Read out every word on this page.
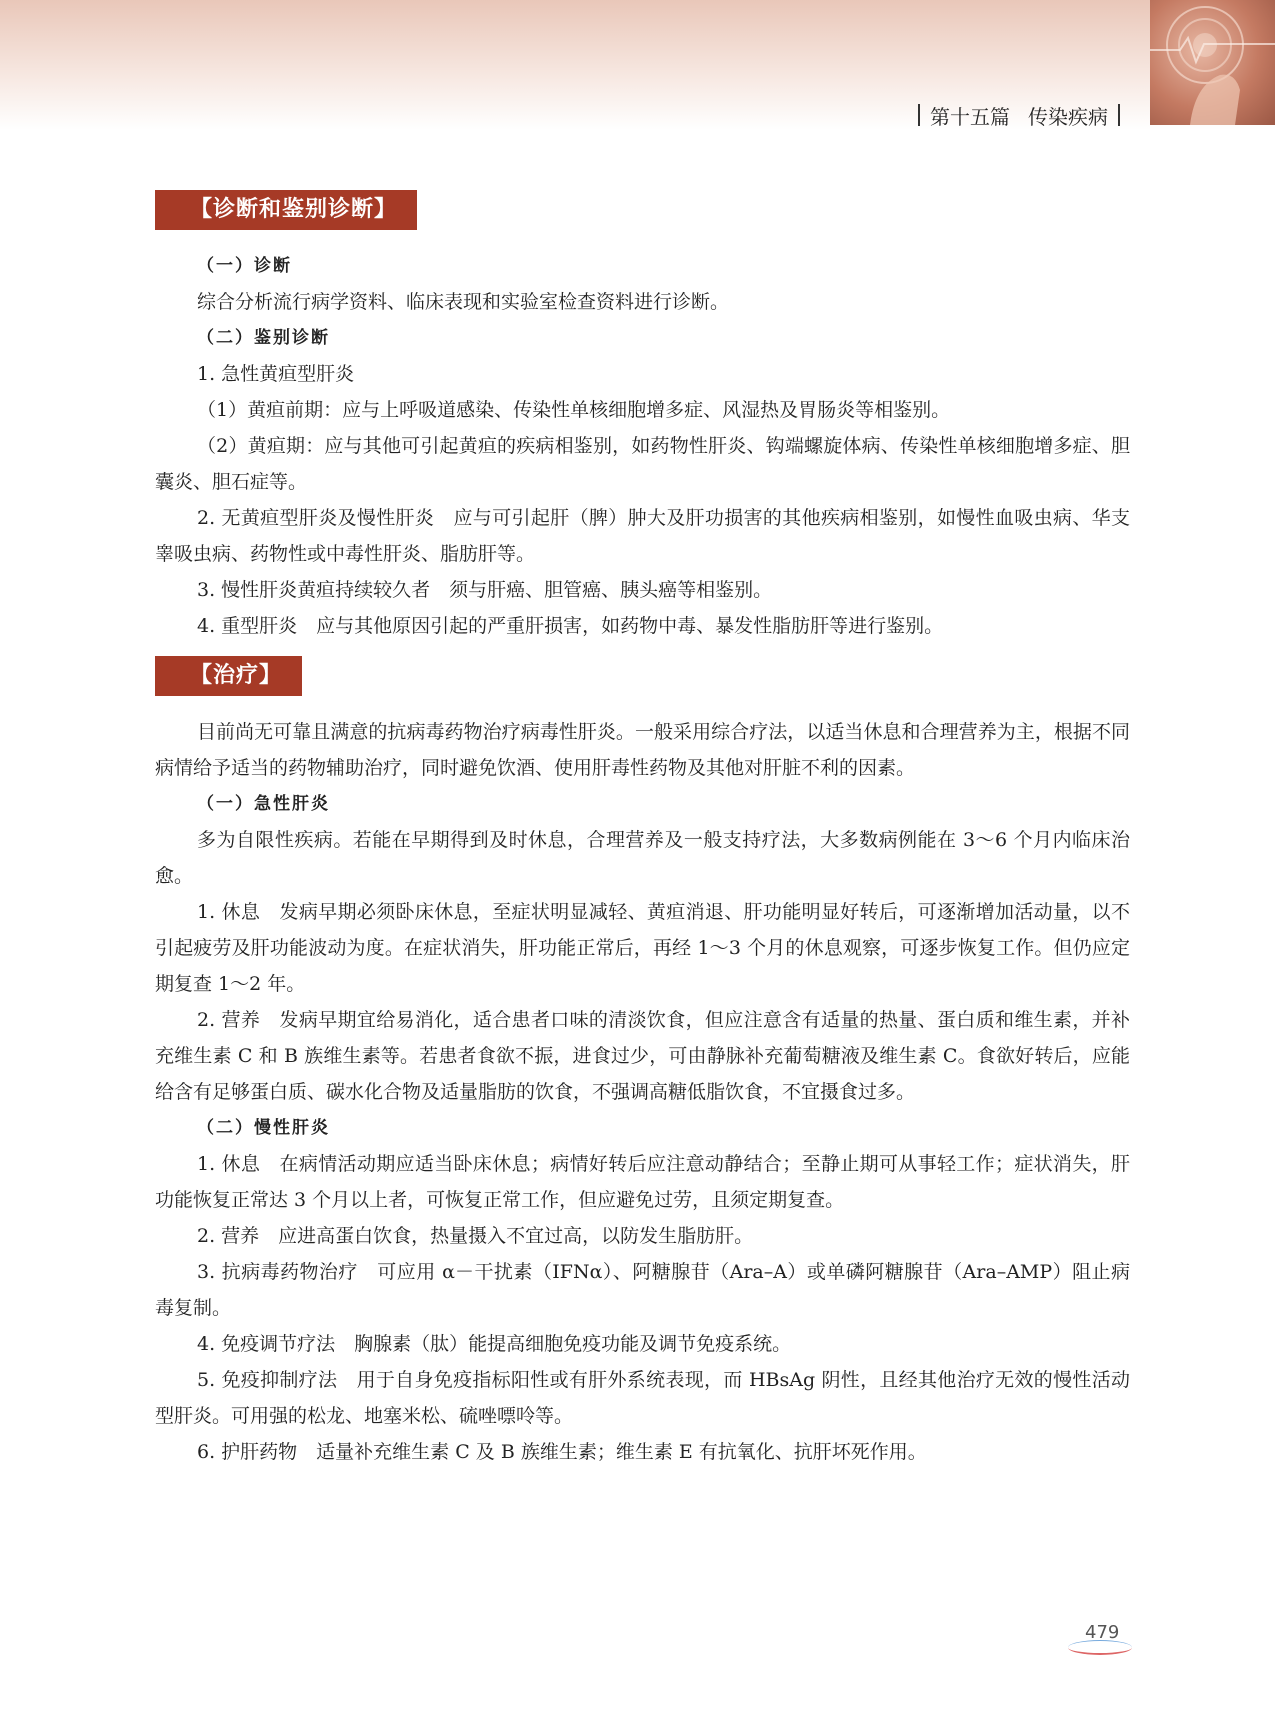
第十五篇 传染疾病
【诊断和鉴别诊断】
（一）诊断

综合分析流行病学资料、临床表现和实验室检查资料进行诊断。

（二）鉴别诊断

1. 急性黄疸型肝炎

（1）黄疸前期：应与上呼吸道感染、传染性单核细胞增多症、风湿热及胃肠炎等相鉴别。

（2）黄疸期：应与其他可引起黄疸的疾病相鉴别，如药物性肝炎、钩端螺旋体病、传染性单核细胞增多症、胆囊炎、胆石症等。

2. 无黄疸型肝炎及慢性肝炎　应与可引起肝（脾）肿大及肝功损害的其他疾病相鉴别，如慢性血吸虫病、华支睾吸虫病、药物性或中毒性肝炎、脂肪肝等。

3. 慢性肝炎黄疸持续较久者　须与肝癌、胆管癌、胰头癌等相鉴别。

4. 重型肝炎　应与其他原因引起的严重肝损害，如药物中毒、暴发性脂肪肝等进行鉴别。

【治疗】

目前尚无可靠且满意的抗病毒药物治疗病毒性肝炎。一般采用综合疗法，以适当休息和合理营养为主，根据不同病情给予适当的药物辅助治疗，同时避免饮酒、使用肝毒性药物及其他对肝脏不利的因素。

（一）急性肝炎

多为自限性疾病。若能在早期得到及时休息，合理营养及一般支持疗法，大多数病例能在 3～6 个月内临床治愈。

1. 休息　发病早期必须卧床休息，至症状明显减轻、黄疸消退、肝功能明显好转后，可逐渐增加活动量，以不引起疲劳及肝功能波动为度。在症状消失，肝功能正常后，再经 1～3 个月的休息观察，可逐步恢复工作。但仍应定期复查 1～2 年。

2. 营养　发病早期宜给易消化，适合患者口味的清淡饮食，但应注意含有适量的热量、蛋白质和维生素，并补充维生素 C 和 B 族维生素等。若患者食欲不振，进食过少，可由静脉补充葡萄糖液及维生素 C。食欲好转后，应能给含有足够蛋白质、碳水化合物及适量脂肪的饮食，不强调高糖低脂饮食，不宜摄食过多。

（二）慢性肝炎

1. 休息　在病情活动期应适当卧床休息；病情好转后应注意动静结合；至静止期可从事轻工作；症状消失，肝功能恢复正常达 3 个月以上者，可恢复正常工作，但应避免过劳，且须定期复查。

2. 营养　应进高蛋白饮食，热量摄入不宜过高，以防发生脂肪肝。

3. 抗病毒药物治疗　可应用 α－干扰素（IFNα）、阿糖腺苷（Ara–A）或单磷阿糖腺苷（Ara–AMP）阻止病毒复制。

4. 免疫调节疗法　胸腺素（肽）能提高细胞免疫功能及调节免疫系统。

5. 免疫抑制疗法　用于自身免疫指标阳性或有肝外系统表现，而 HBsAg 阴性，且经其他治疗无效的慢性活动型肝炎。可用强的松龙、地塞米松、硫唑嘌呤等。

6. 护肝药物　适量补充维生素 C 及 B 族维生素；维生素 E 有抗氧化、抗肝坏死作用。

479
